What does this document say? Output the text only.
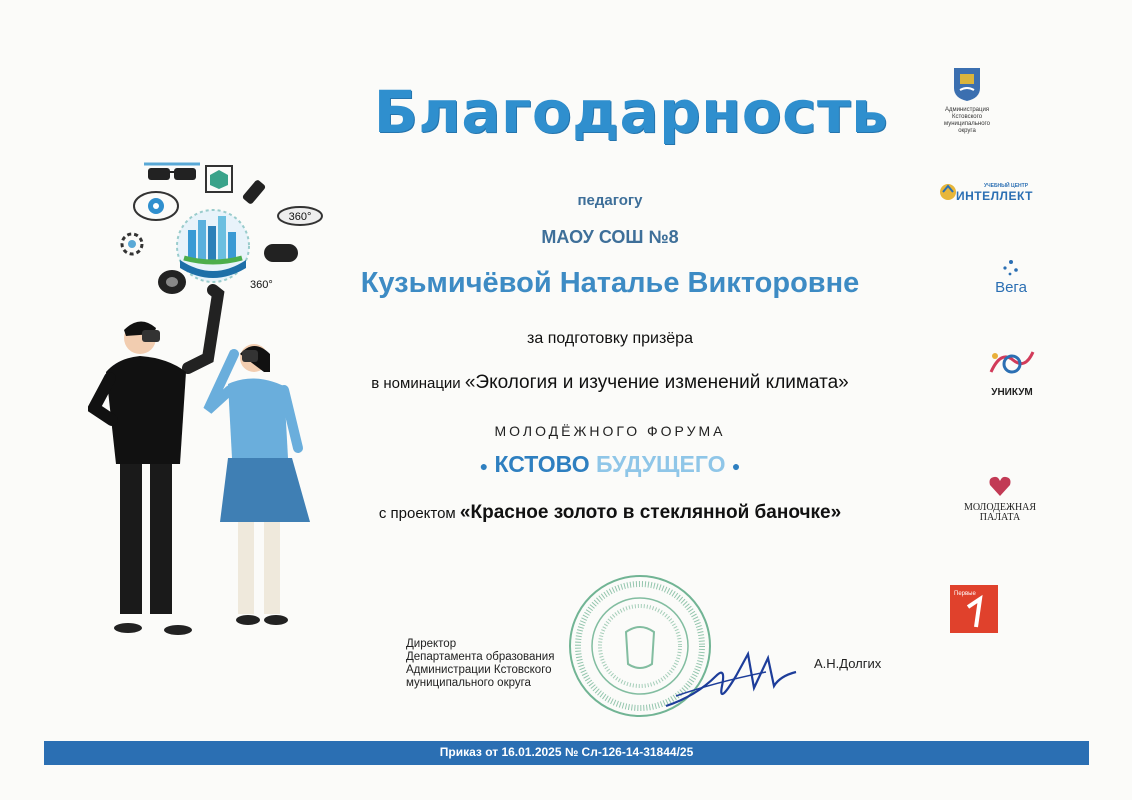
360°
360°
Благодарность
педагогу
МАОУ СОШ №8
Кузьмичёвой Наталье Викторовне
за подготовку призёра
в номинации «Экология и изучение изменений климата»
МОЛОДЁЖНОГО ФОРУМА
● КСТОВО БУДУЩЕГО ●
с проектом «Красное золото в стеклянной баночке»
Директор
Департамента образования
Администрации Кстовского
муниципального округа
А.Н.Долгих
Приказ от 16.01.2025 № Сл-126-14-31844/25
Администрация
Кстовского
муниципального
округа
УЧЕБНЫЙ ЦЕНТР
ИНТЕЛЛЕКТ
Вега
УНИКУМ
МОЛОДЕЖНАЯ
ПАЛАТА
Первые
